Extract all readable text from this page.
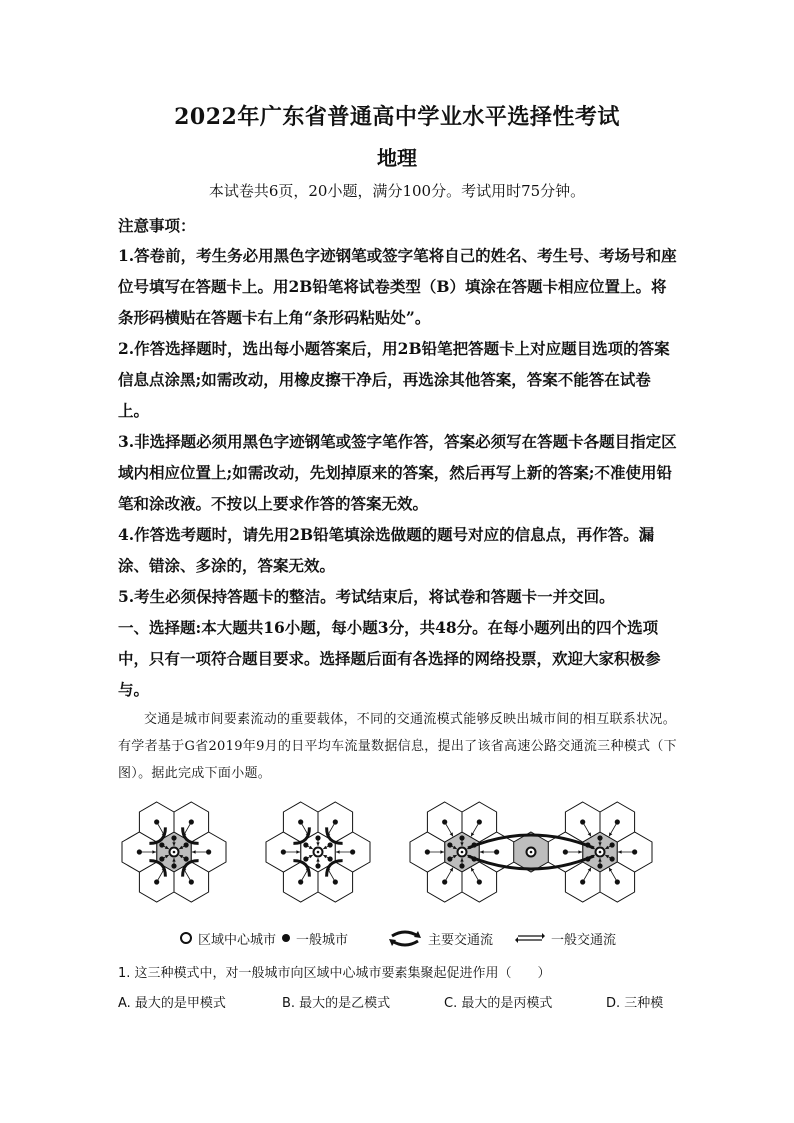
2022年广东省普通高中学业水平选择性考试
地理
本试卷共6页，20小题，满分100分。考试用时75分钟。
注意事项：

1.答卷前，考生务必用黑色字迹钢笔或签字笔将自己的姓名、考生号、考场号和座位号填写在答题卡上。用2B铅笔将试卷类型（B）填涂在答题卡相应位置上。将条形码横贴在答题卡右上角“条形码粘贴处”。

2.作答选择题时，选出每小题答案后，用2B铅笔把答题卡上对应题目选项的答案信息点涂黑;如需改动，用橡皮擦干净后，再选涂其他答案，答案不能答在试卷上。

3.非选择题必须用黑色字迹钢笔或签字笔作答，答案必须写在答题卡各题目指定区域内相应位置上;如需改动，先划掉原来的答案，然后再写上新的答案;不准使用铅笔和涂改液。不按以上要求作答的答案无效。

4.作答选考题时，请先用2B铅笔填涂选做题的题号对应的信息点，再作答。漏涂、错涂、多涂的，答案无效。

5.考生必须保持答题卡的整洁。考试结束后，将试卷和答题卡一并交回。

一、选择题:本大题共16小题，每小题3分，共48分。在每小题列出的四个选项中，只有一项符合题目要求。选择题后面有各选择的网络投票，欢迎大家积极参与。
交通是城市间要素流动的重要载体，不同的交通流模式能够反映出城市间的相互联系状况。有学者基于G省2019年9月的日平均车流量数据信息，提出了该省高速公路交通流三种模式（下图）。据此完成下面小题。
区域中心城市 一般城市	主要交通流	一般交通流
1. 这三种模式中，对一般城市向区域中心城市要素集聚起促进作用（　　）
A. 最大的是甲模式	B. 最大的是乙模式	C. 最大的是丙模式	D. 三种模
